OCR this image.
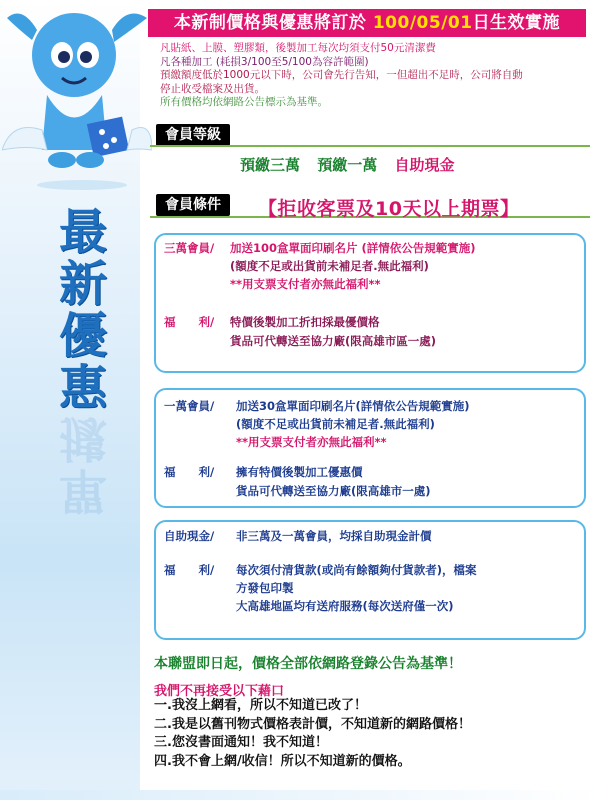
最
新
優
惠
單
據
本新制價格與優惠將訂於 100/05/01日生效實施
凡貼紙、上膜、塑膠類，後製加工每次均須支付50元清潔費
凡各種加工 (耗損3/100至5/100為容許範圍)
預繳額度低於1000元以下時，公司會先行告知，一但超出不足時，公司將自動
停止收受檔案及出貨。
所有價格均依網路公告標示為基準。
會員等級
預繳三萬 預繳一萬 自助現金
會員條件	【拒收客票及10天以上期票】
三萬會員/ 加送100盒單面印刷名片 (詳情依公告規範實施)
(額度不足或出貨前未補足者.無此福利)
**用支票支付者亦無此福利**
福　　利/ 特價後製加工折扣採最優價格
貨品可代轉送至協力廠(限高雄市區一處)
一萬會員/ 加送30盒單面印刷名片(詳情依公告規範實施)
(額度不足或出貨前未補足者.無此福利)
**用支票支付者亦無此福利**
福　　利/ 擁有特價後製加工優惠價
貨品可代轉送至協力廠(限高雄市一處)
自助現金/ 非三萬及一萬會員，均採自助現金計價
福　　利/ 每次須付清貨款(或尚有餘額夠付貨款者)，檔案
方發包印製
大高雄地區均有送府服務(每次送府僅一次)
本聯盟即日起，價格全部依網路登錄公告為基準！
我們不再接受以下藉口
一.我沒上網看，所以不知道已改了！
二.我是以舊刊物式價格表計價，不知道新的網路價格！
三.您沒書面通知！我不知道！
四.我不會上網/收信！所以不知道新的價格。
